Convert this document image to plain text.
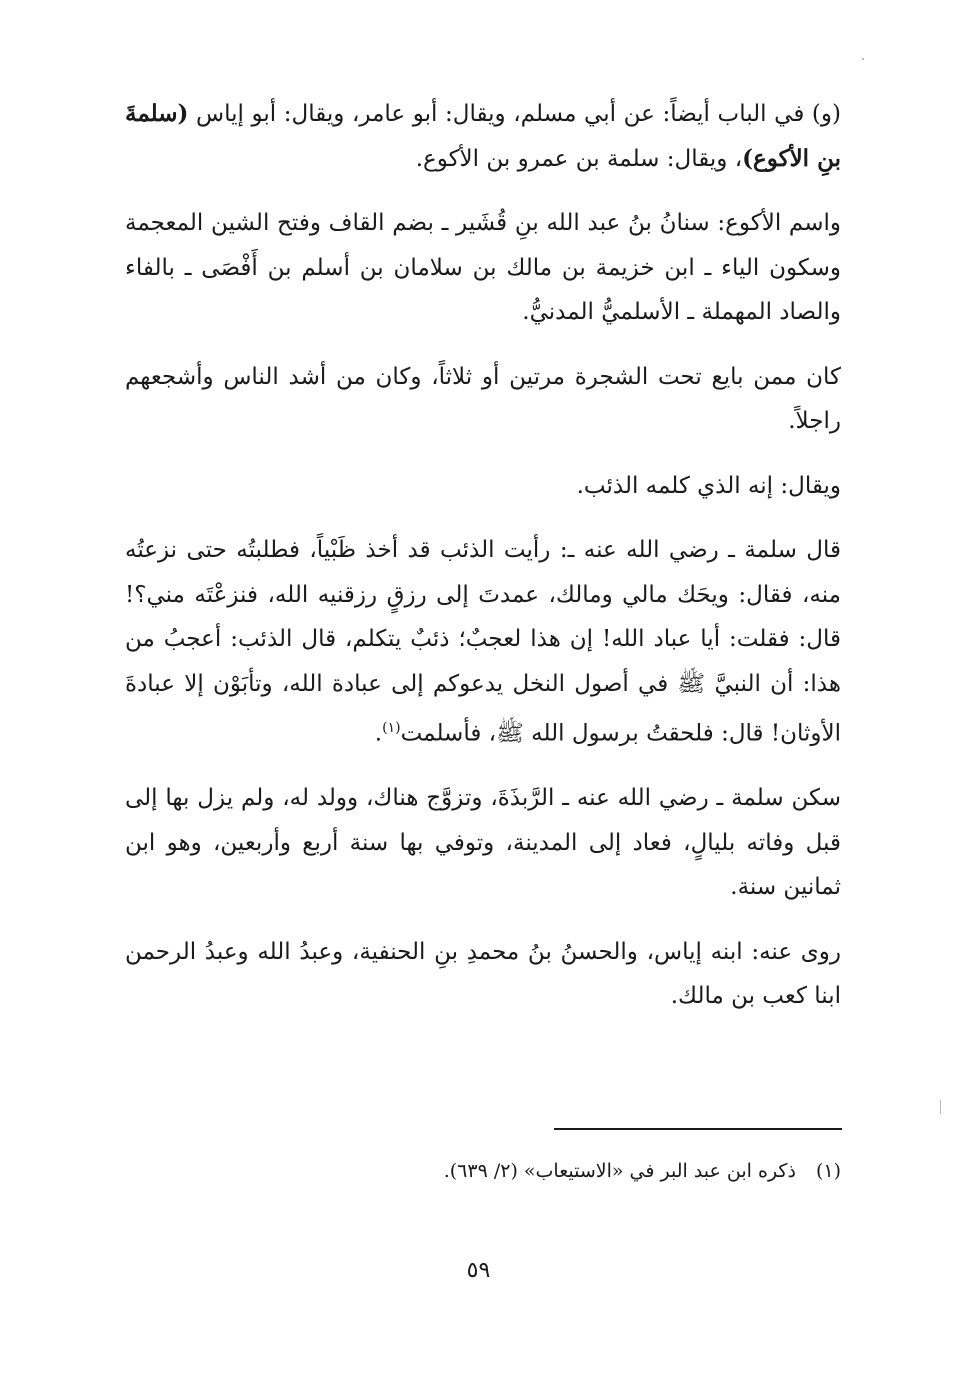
(و) في الباب أيضاً: عن أبي مسلم، ويقال: أبو عامر، ويقال: أبو إياس (سلمةَ بنِ الأكوع)، ويقال: سلمة بن عمرو بن الأكوع.

واسم الأكوع: سنانُ بنُ عبد الله بنِ قُشَير ـ بضم القاف وفتح الشين المعجمة وسكون الياء ـ ابن خزيمة بن مالك بن سلامان بن أسلم بن أَفْصَى ـ بالفاء والصاد المهملة ـ الأسلميُّ المدنيُّ.

كان ممن بايع تحت الشجرة مرتين أو ثلاثاً، وكان من أشد الناس وأشجعهم راجلاً.

ويقال: إنه الذي كلمه الذئب.

قال سلمة ـ رضي الله عنه ـ: رأيت الذئب قد أخذ ظَبْياً، فطلبتُه حتى نزعتُه منه، فقال: ويحَك مالي ومالك، عمدتَ إلى رزقٍ رزقنيه الله، فنزعْتَه مني؟! قال: فقلت: أيا عباد الله! إن هذا لعجبٌ؛ ذئبٌ يتكلم، قال الذئب: أعجبُ من هذا: أن النبيَّ ﷺ في أصول النخل يدعوكم إلى عبادة الله، وتأبَوْن إلا عبادةَ الأوثان! قال: فلحقتُ برسول الله ﷺ، فأسلمت$^{(١)}$.

سكن سلمة ـ رضي الله عنه ـ الرَّبذَةَ، وتزوَّج هناك، وولد له، ولم يزل بها إلى قبل وفاته بليالٍ، فعاد إلى المدينة، وتوفي بها سنة أربع وأربعين، وهو ابن ثمانين سنة.

روى عنه: ابنه إياس، والحسنُ بنُ محمدِ بنِ الحنفية، وعبدُ الله وعبدُ الرحمن ابنا كعب بن مالك.

(١)ذكره ابن عبد البر في «الاستيعاب» (٢/ ٦٣٩).
٥٩
